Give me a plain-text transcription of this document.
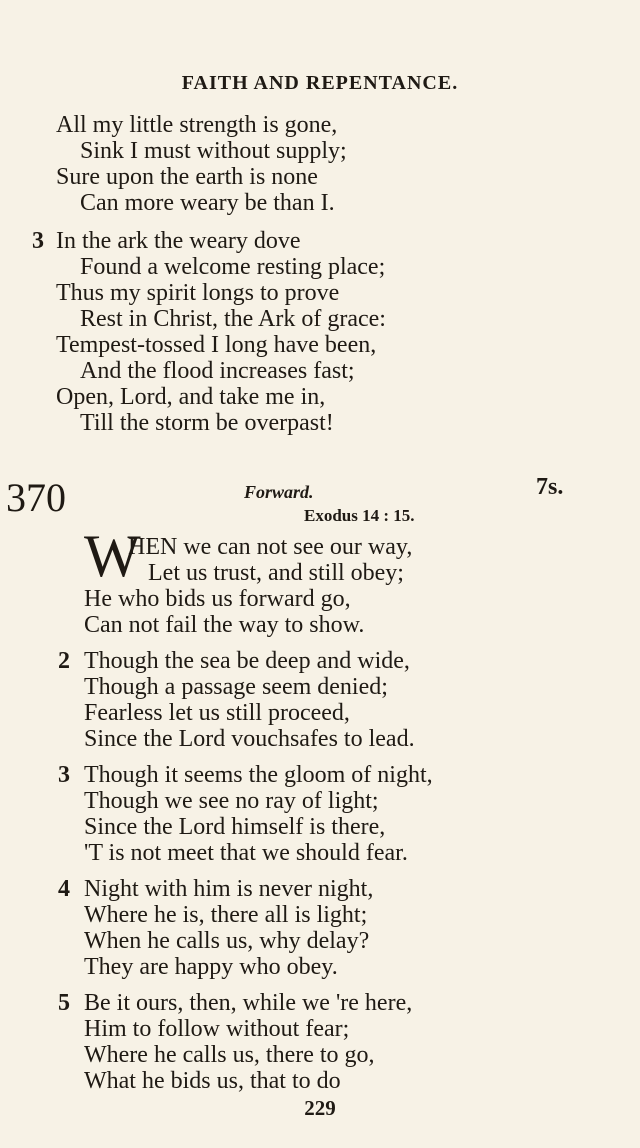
FAITH AND REPENTANCE.
All my little strength is gone,
Sink I must without supply;
Sure upon the earth is none
Can more weary be than I.
3 In the ark the weary dove
Found a welcome resting place;
Thus my spirit longs to prove
Rest in Christ, the Ark of grace:
Tempest-tossed I long have been,
And the flood increases fast;
Open, Lord, and take me in,
Till the storm be overpast!
370	Forward.	7s.
Exodus 14 : 15.
W
HEN we can not see our way,
Let us trust, and still obey;
He who bids us forward go,
Can not fail the way to show.
2 Though the sea be deep and wide,
Though a passage seem denied;
Fearless let us still proceed,
Since the Lord vouchsafes to lead.
3 Though it seems the gloom of night,
Though we see no ray of light;
Since the Lord himself is there,
'T is not meet that we should fear.
4 Night with him is never night,
Where he is, there all is light;
When he calls us, why delay?
They are happy who obey.
5 Be it ours, then, while we 're here,
Him to follow without fear;
Where he calls us, there to go,
What he bids us, that to do
229
